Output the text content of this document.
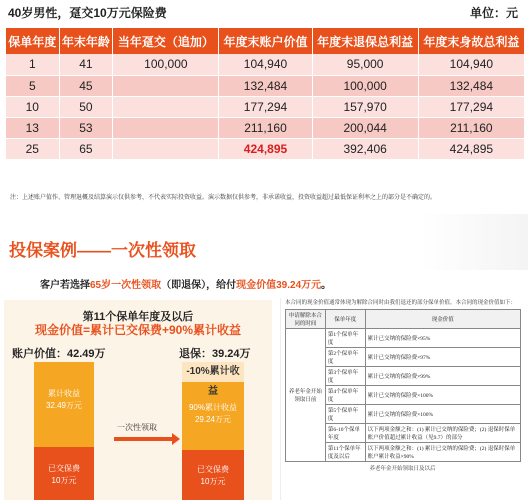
40岁男性，趸交10万元保险费	单位：元
保单年度	年末年龄	当年趸交（追加）	年度末账户价值	年度末退保总利益	年度末身故总利益
1	41	100,000	104,940	95,000	104,940
5	45		132,484	100,000	132,484
10	50		177,294	157,970	177,294
13	53		211,160	200,044	211,160
25	65		424,895	392,406	424,895
注：上述账户值作、管理退概及结算演示仅供参考，不代表实际投资收益。演示数据仅供参考，非承诺收益，投资收益超过最低保证利率之上的部分是不确定的。
投保案例——一次性领取
客户若选择65岁一次性领取（即退保），给付现金价值39.24万元。
第11个保单年度及以后
现金价值=累计已交保费+90%累计收益
账户价值：42.49万	退保：39.24万
累计收益
32.49万元
已交保费
10万元
一次性领取
-10%累计收益
90%累计收益
29.24万元
已交保费
10万元
本合同的现金价值通常体现为解除合同时由我们退还的部分保单价值。本合同的现金价值如下：
申请解除本合同的时间	保单年度	现金价值
养老年金开始领取日前	第1个保单年度	累计已交纳的保险费×95%
	第2个保单年度	累计已交纳的保险费×97%
	第3个保单年度	累计已交纳的保险费×99%
	第4个保单年度	累计已交纳的保险费×100%
	第5个保单年度	累计已交纳的保险费×100%
	第6-10个保单年度	以下两项金额之和：(1) 累计已交纳的保险费；(2) 退保时保单账户价值超过累计收益（见9.7）的部分
	第11个保单年度及以后	以下两项金额之和：(1) 累计已交纳的保险费；(2) 退保时保单账户累计收益×90%
养老年金开始领取日及以后
